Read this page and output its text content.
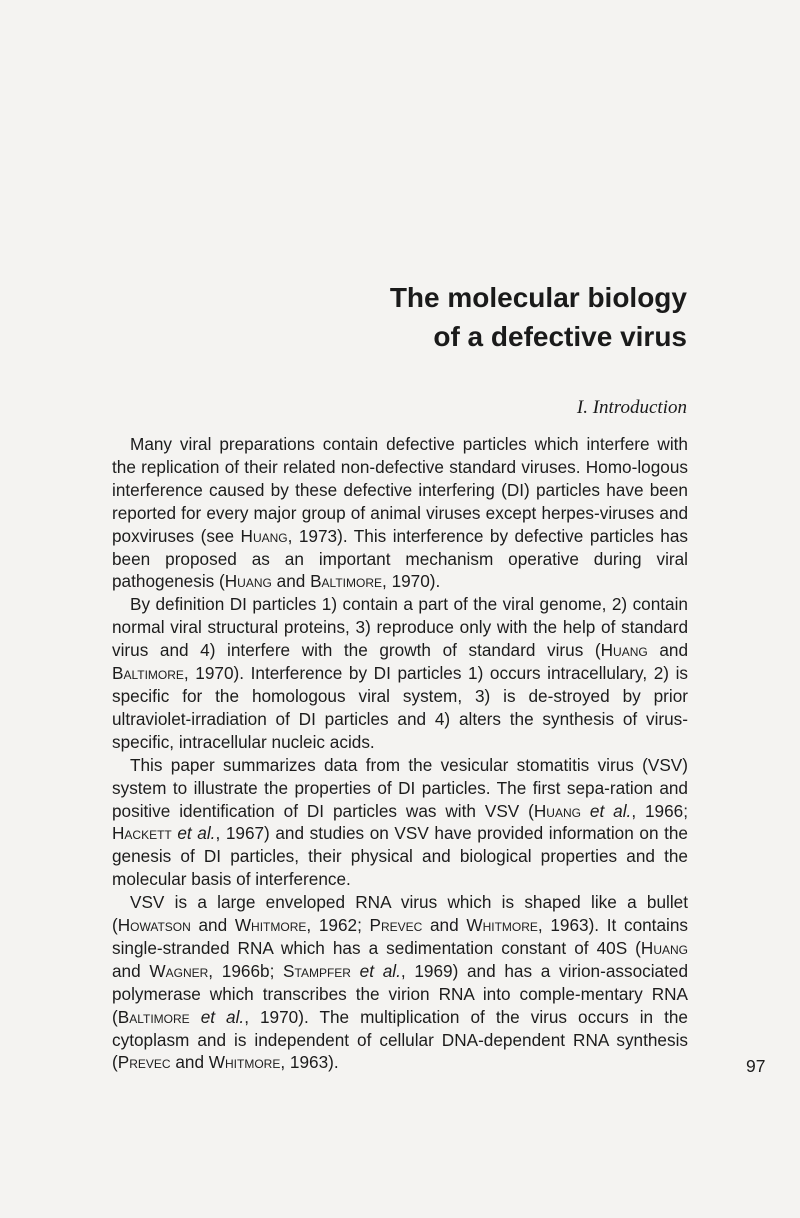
The molecular biology
of a defective virus
I. Introduction

Many viral preparations contain defective particles which interfere with the replication of their related non-defective standard viruses. Homo-logous interference caused by these defective interfering (DI) particles have been reported for every major group of animal viruses except herpes-viruses and poxviruses (see Huang, 1973). This interference by defective particles has been proposed as an important mechanism operative during viral pathogenesis (Huang and Baltimore, 1970).

By definition DI particles 1) contain a part of the viral genome, 2) contain normal viral structural proteins, 3) reproduce only with the help of standard virus and 4) interfere with the growth of standard virus (Huang and Baltimore, 1970). Interference by DI particles 1) occurs intracellulary, 2) is specific for the homologous viral system, 3) is de-stroyed by prior ultraviolet-irradiation of DI particles and 4) alters the synthesis of virus-specific, intracellular nucleic acids.

This paper summarizes data from the vesicular stomatitis virus (VSV) system to illustrate the properties of DI particles. The first sepa-ration and positive identification of DI particles was with VSV (Huang et al., 1966; Hackett et al., 1967) and studies on VSV have provided information on the genesis of DI particles, their physical and biological properties and the molecular basis of interference.

VSV is a large enveloped RNA virus which is shaped like a bullet (Howatson and Whitmore, 1962; Prevec and Whitmore, 1963). It contains single-stranded RNA which has a sedimentation constant of 40S (Huang and Wagner, 1966b; Stampfer et al., 1969) and has a virion-associated polymerase which transcribes the virion RNA into comple-mentary RNA (Baltimore et al., 1970). The multiplication of the virus occurs in the cytoplasm and is independent of cellular DNA-dependent RNA synthesis (Prevec and Whitmore, 1963).	97
